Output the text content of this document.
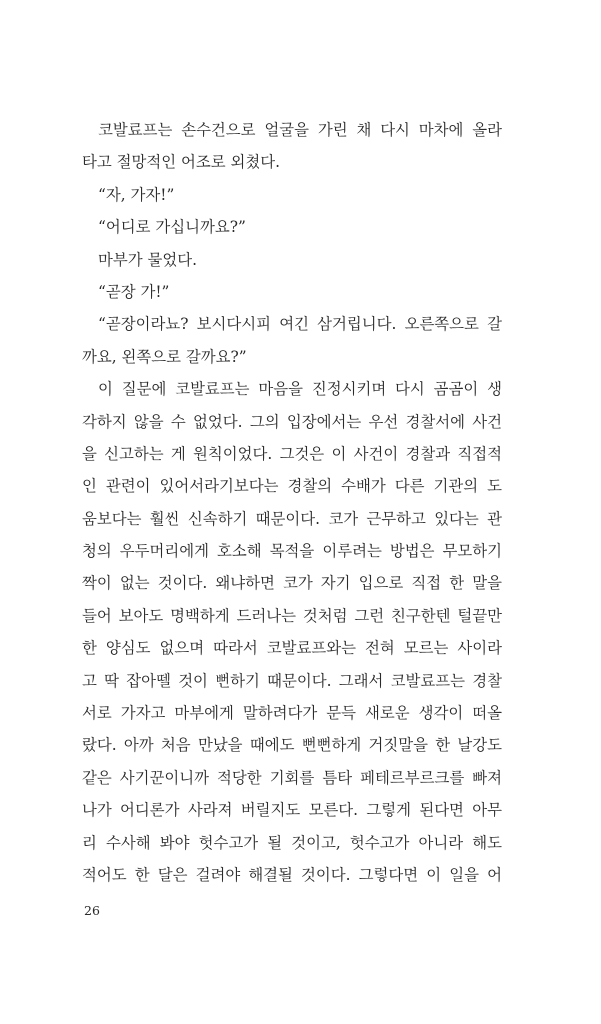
코발료프는 손수건으로 얼굴을 가린 채 다시 마차에 올라
타고 절망적인 어조로 외쳤다.
“자, 가자!”
“어디로 가십니까요?”
마부가 물었다.
“곧장 가!”
“곧장이라뇨? 보시다시피 여긴 삼거립니다. 오른쪽으로 갈
까요, 왼쪽으로 갈까요?”
이 질문에 코발료프는 마음을 진정시키며 다시 곰곰이 생
각하지 않을 수 없었다. 그의 입장에서는 우선 경찰서에 사건
을 신고하는 게 원칙이었다. 그것은 이 사건이 경찰과 직접적
인 관련이 있어서라기보다는 경찰의 수배가 다른 기관의 도
움보다는 훨씬 신속하기 때문이다. 코가 근무하고 있다는 관
청의 우두머리에게 호소해 목적을 이루려는 방법은 무모하기
짝이 없는 것이다. 왜냐하면 코가 자기 입으로 직접 한 말을
들어 보아도 명백하게 드러나는 것처럼 그런 친구한텐 털끝만
한 양심도 없으며 따라서 코발료프와는 전혀 모르는 사이라
고 딱 잡아뗄 것이 뻔하기 때문이다. 그래서 코발료프는 경찰
서로 가자고 마부에게 말하려다가 문득 새로운 생각이 떠올
랐다. 아까 처음 만났을 때에도 뻔뻔하게 거짓말을 한 날강도
같은 사기꾼이니까 적당한 기회를 틈타 페테르부르크를 빠져
나가 어디론가 사라져 버릴지도 모른다. 그렇게 된다면 아무
리 수사해 봐야 헛수고가 될 것이고, 헛수고가 아니라 해도
적어도 한 달은 걸려야 해결될 것이다. 그렇다면 이 일을 어
26
